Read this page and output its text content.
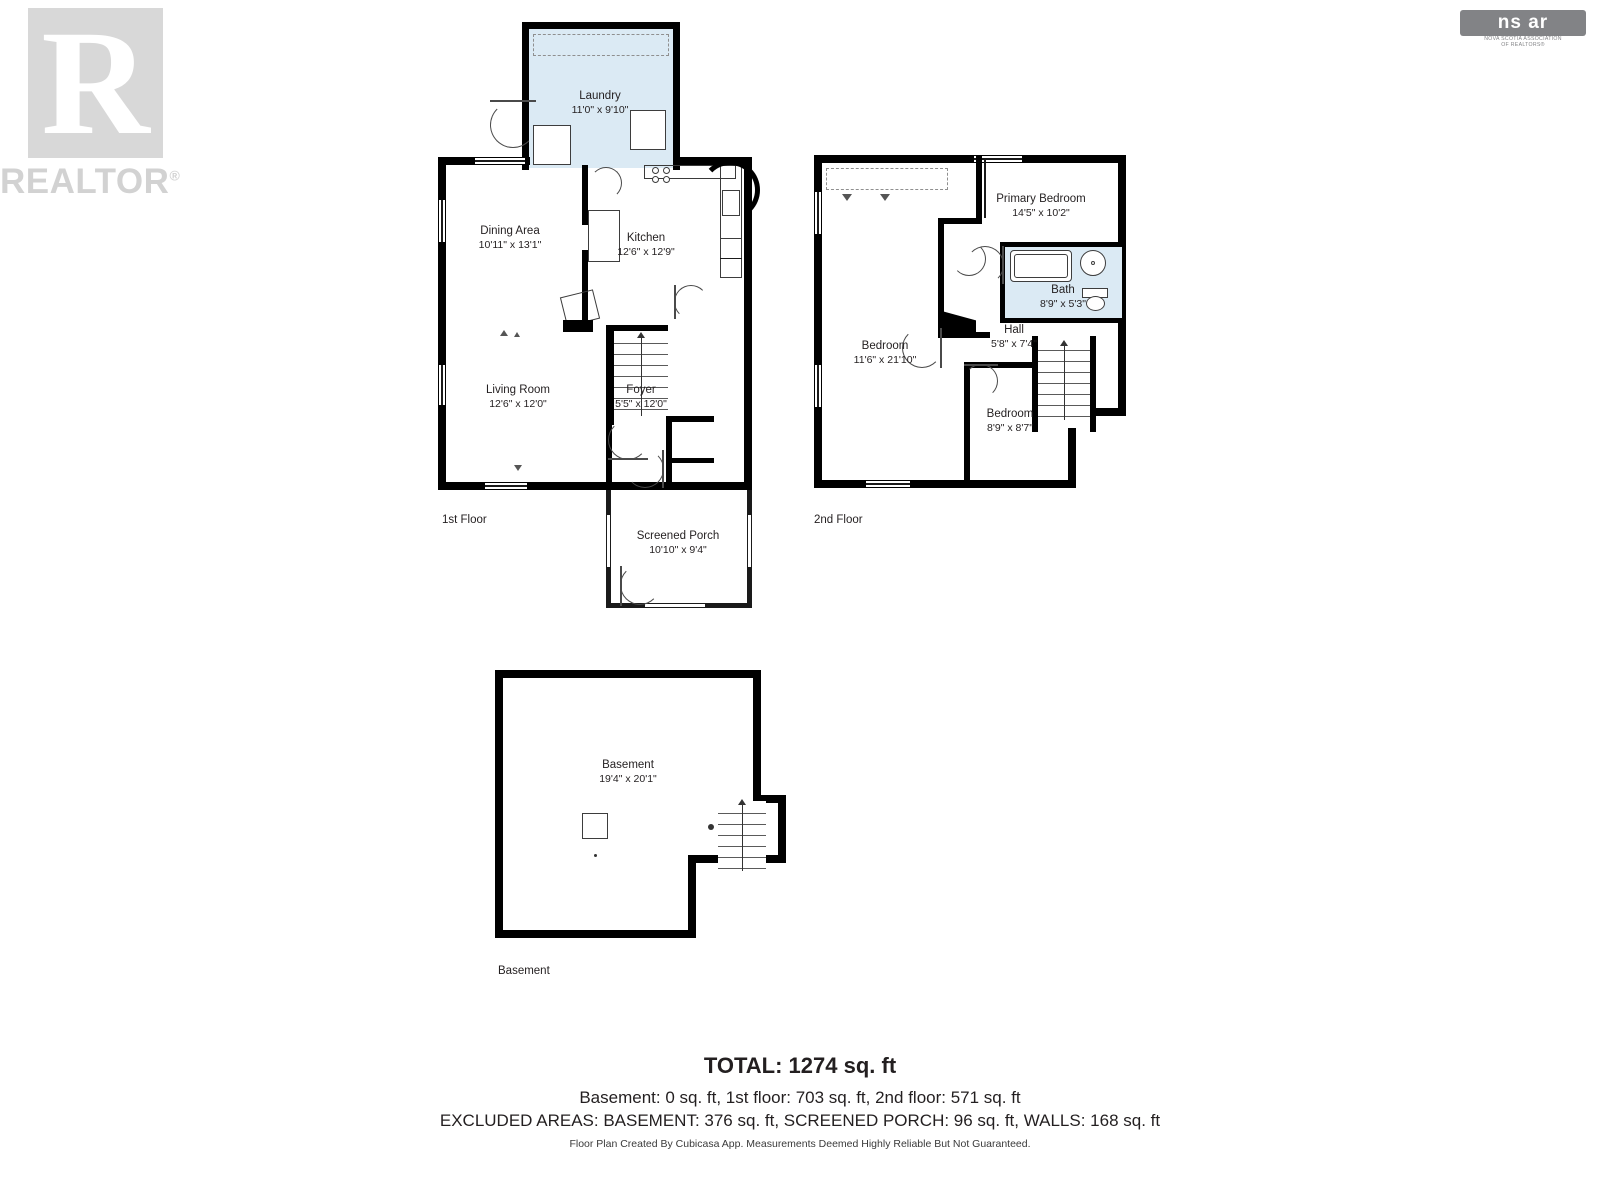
R
REALTOR®
ns ar
NOVA SCOTIA ASSOCIATION
OF REALTORS®
Laundry
11'0" x 9'10"
Dining Area
10'11" x 13'1"
Kitchen
12'6" x 12'9"
Living Room
12'6" x 12'0"
Foyer
5'5" x 12'0"
Screened Porch
10'10" x 9'4"
1st Floor
Primary Bedroom
14'5" x 10'2"
Bath
8'9" x 5'3"
Hall
5'8" x 7'4"
Bedroom
11'6" x 21'10"
Bedroom
8'9" x 8'7"
2nd Floor
Basement
19'4" x 20'1"
Basement
TOTAL: 1274 sq. ft
Basement: 0 sq. ft, 1st floor: 703 sq. ft, 2nd floor: 571 sq. ft
EXCLUDED AREAS: BASEMENT: 376 sq. ft, SCREENED PORCH: 96 sq. ft, WALLS: 168 sq. ft
Floor Plan Created By Cubicasa App. Measurements Deemed Highly Reliable But Not Guaranteed.
